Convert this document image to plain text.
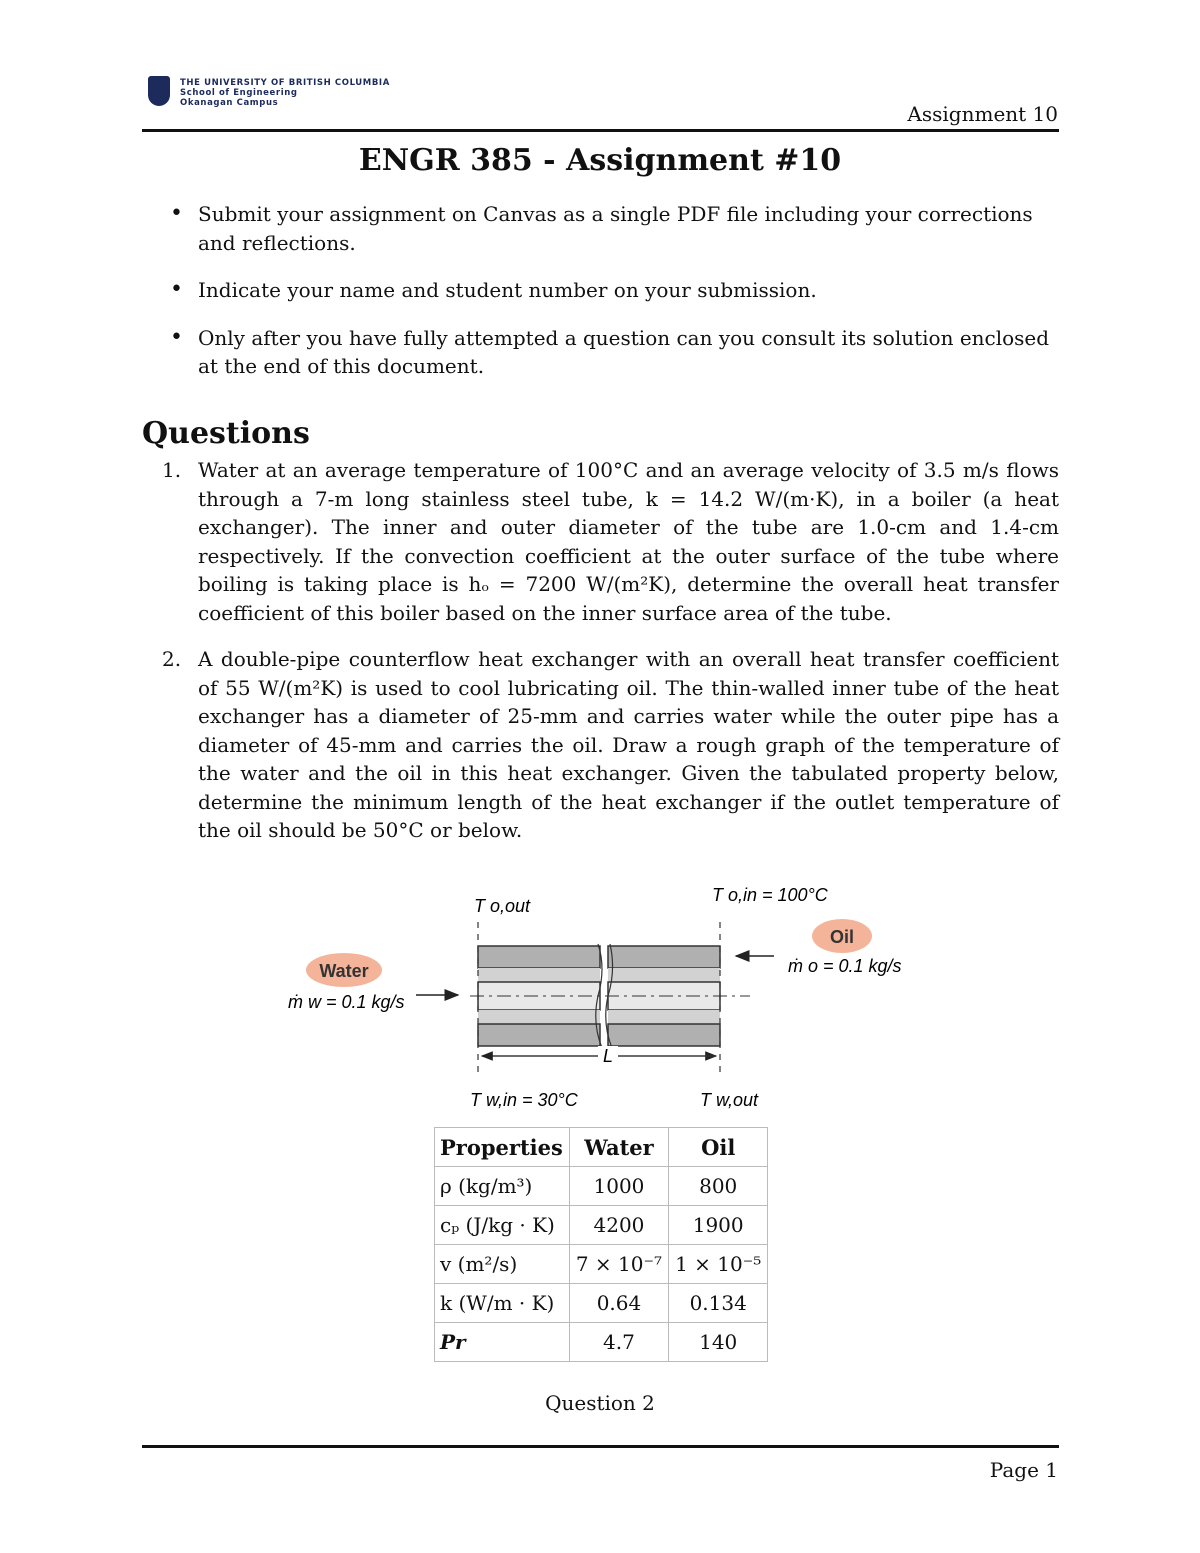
THE UNIVERSITY OF BRITISH COLUMBIA
School of Engineering
Okanagan Campus	Assignment 10
ENGR 385 - Assignment #10
• Submit your assignment on Canvas as a single PDF file including your corrections and reflections.
• Indicate your name and student number on your submission.
• Only after you have fully attempted a question can you consult its solution enclosed at the end of this document.
Questions
1. Water at an average temperature of 100°C and an average velocity of 3.5 m/s flows through a 7-m long stainless steel tube, k = 14.2 W/(m·K), in a boiler (a heat exchanger). The inner and outer diameter of the tube are 1.0-cm and 1.4-cm respectively. If the convection coefficient at the outer surface of the tube where boiling is taking place is hₒ = 7200 W/(m²K), determine the overall heat transfer coefficient of this boiler based on the inner surface area of the tube.
2. A double-pipe counterflow heat exchanger with an overall heat transfer coefficient of 55 W/(m²K) is used to cool lubricating oil. The thin-walled inner tube of the heat exchanger has a diameter of 25-mm and carries water while the outer pipe has a diameter of 45-mm and carries the oil. Draw a rough graph of the temperature of the water and the oil in this heat exchanger. Given the tabulated property below, determine the minimum length of the heat exchanger if the outlet temperature of the oil should be 50°C or below.
L
Water
Oil
T o,out
T o,in = 100°C
ṁ o = 0.1 kg/s
ṁ w = 0.1 kg/s
T w,in = 30°C	T w,out
Properties	Water	Oil
ρ (kg/m³)	1000	800
cₚ (J/kg · K)	4200	1900
v (m²/s)	7 × 10⁻⁷	1 × 10⁻⁵
k (W/m · K)	0.64	0.134
Pr	4.7	140
Question 2
Page 1
